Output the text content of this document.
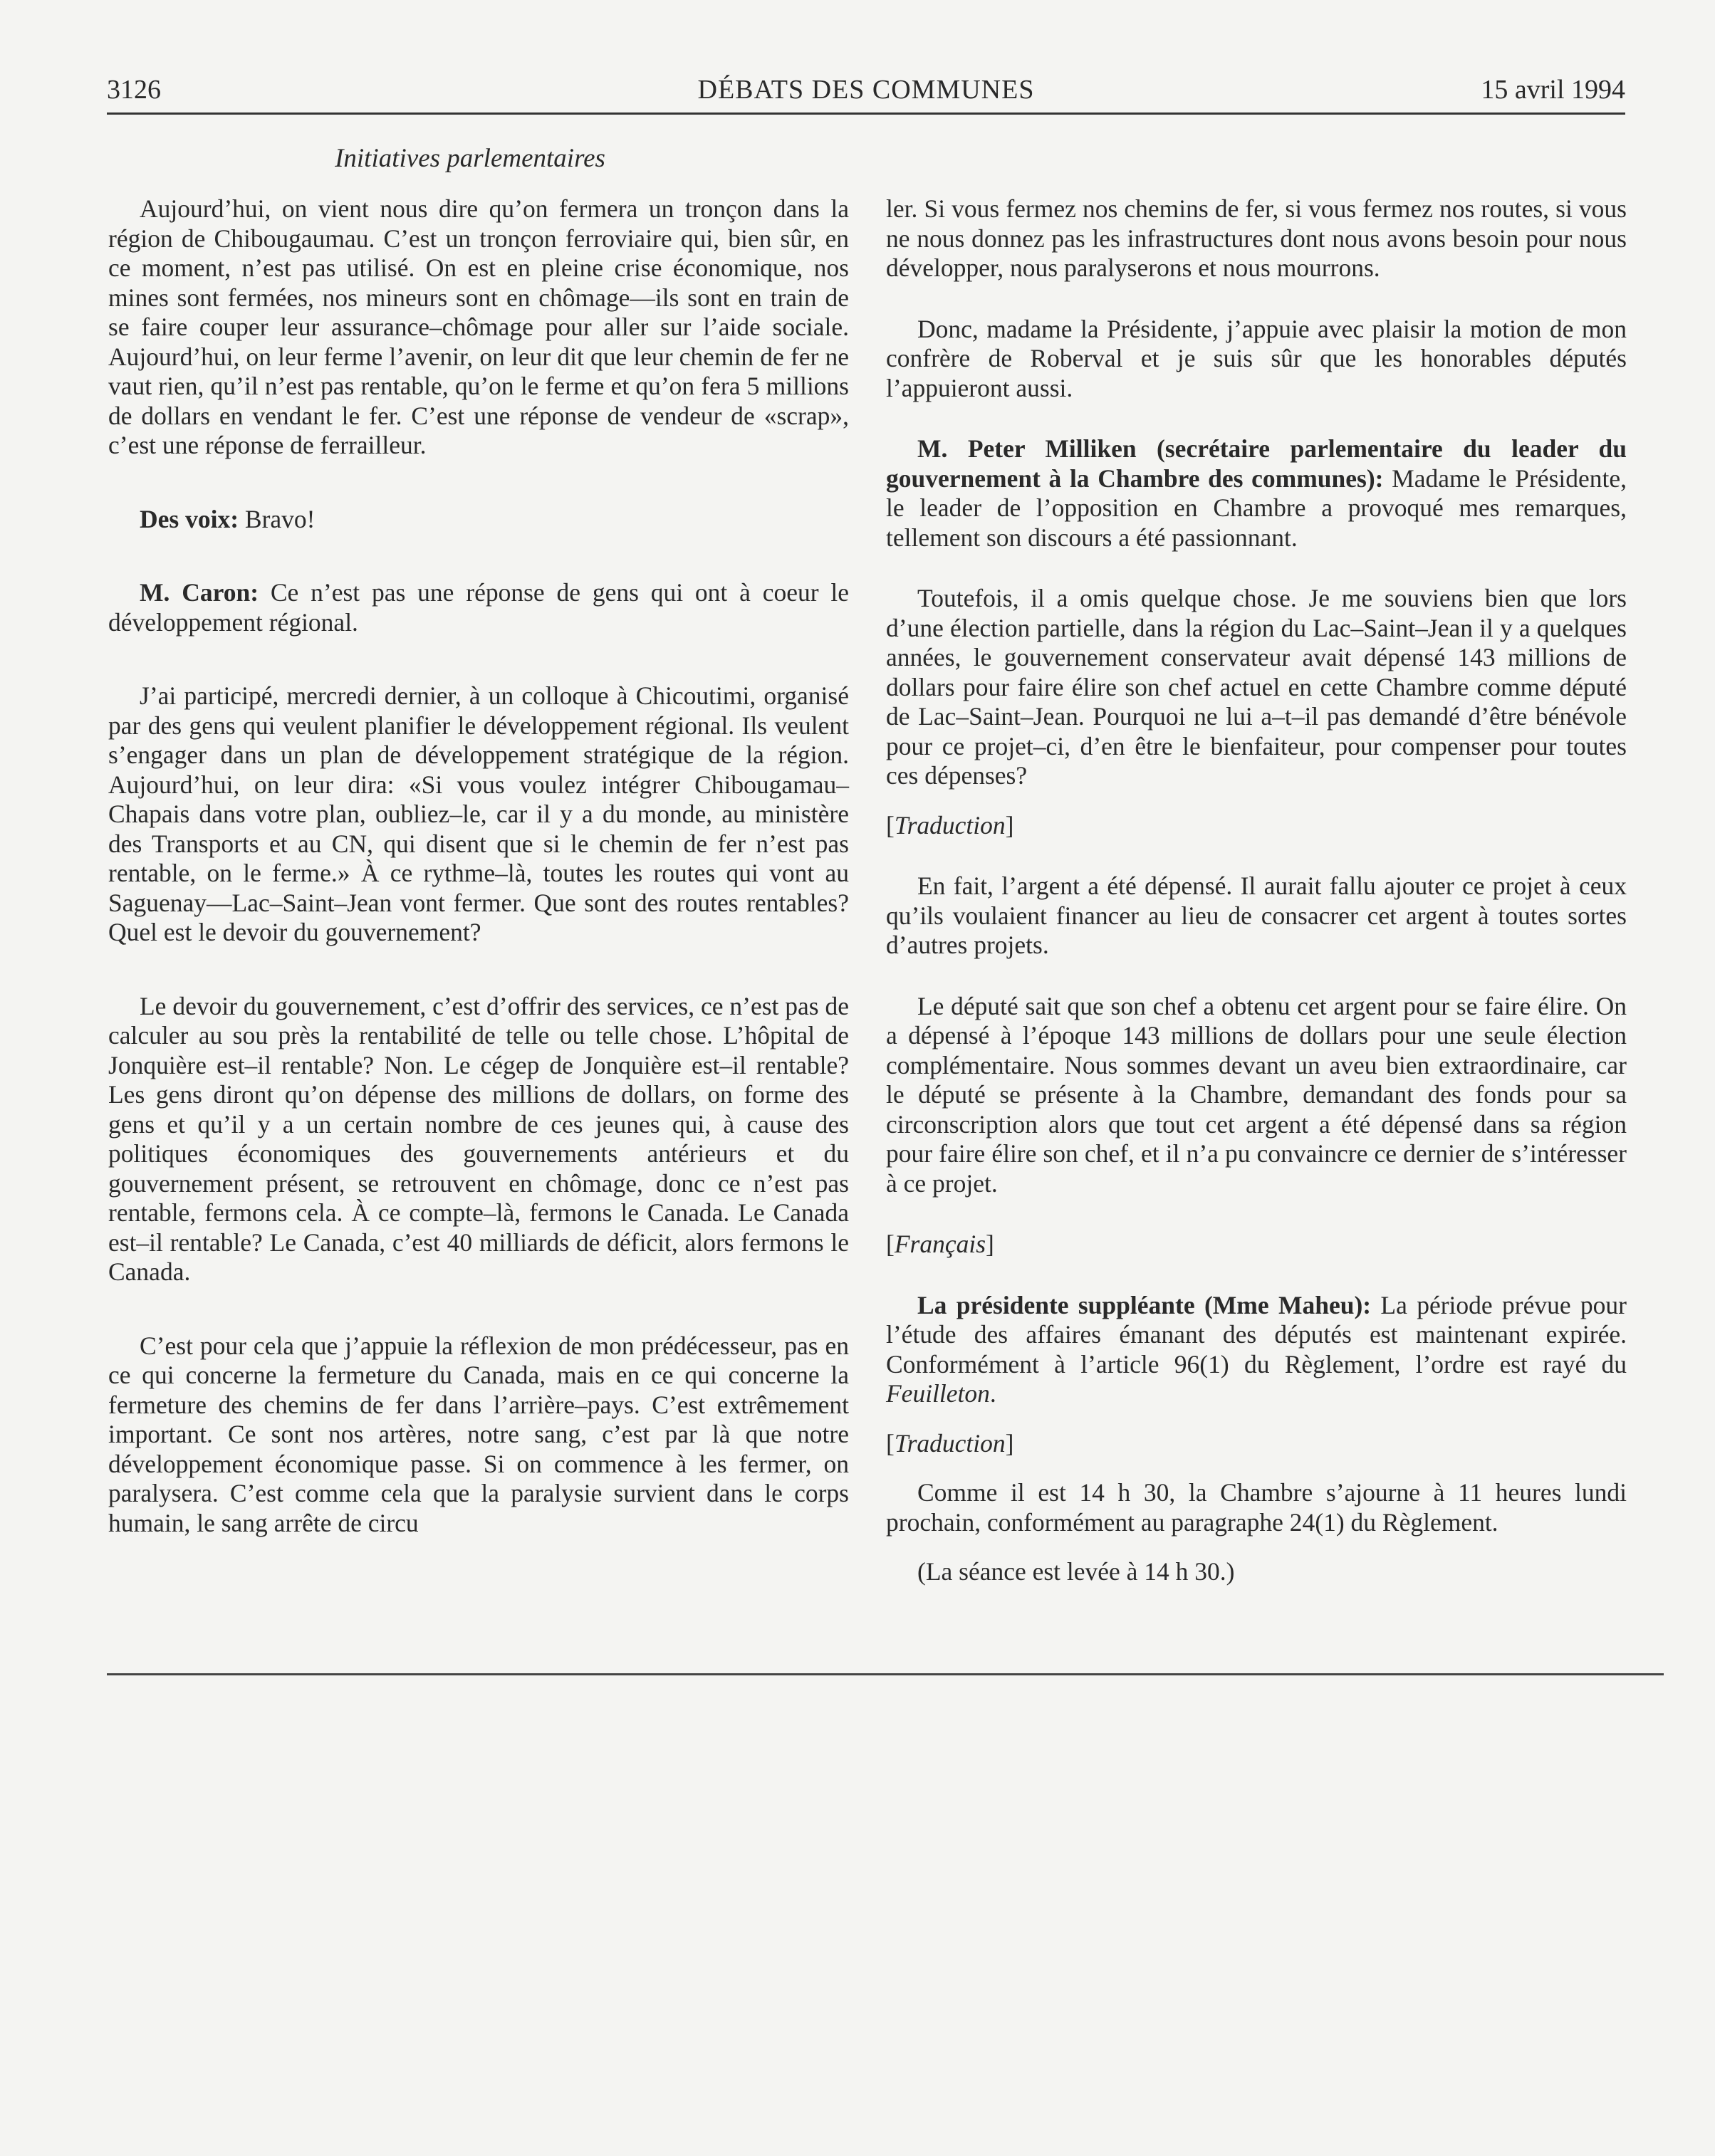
3126	DÉBATS DES COMMUNES	15 avril 1994
Initiatives parlementaires

Aujourd’hui, on vient nous dire qu’on fermera un tronçon dans la région de Chibougaumau. C’est un tronçon ferroviaire qui, bien sûr, en ce moment, n’est pas utilisé. On est en pleine crise économique, nos mines sont fermées, nos mineurs sont en chômage—ils sont en train de se faire couper leur assurance–chômage pour aller sur l’aide sociale. Aujourd’hui, on leur ferme l’avenir, on leur dit que leur chemin de fer ne vaut rien, qu’il n’est pas rentable, qu’on le ferme et qu’on fera 5 millions de dollars en vendant le fer. C’est une réponse de vendeur de «scrap», c’est une réponse de ferrailleur.

Des voix: Bravo!

M. Caron: Ce n’est pas une réponse de gens qui ont à coeur le développement régional.

J’ai participé, mercredi dernier, à un colloque à Chicoutimi, organisé par des gens qui veulent planifier le développement régional. Ils veulent s’engager dans un plan de développement stratégique de la région. Aujourd’hui, on leur dira: «Si vous voulez intégrer Chibougamau–Chapais dans votre plan, oubliez–le, car il y a du monde, au ministère des Transports et au CN, qui disent que si le chemin de fer n’est pas rentable, on le ferme.» À ce rythme–là, toutes les routes qui vont au Saguenay—Lac–Saint–Jean vont fermer. Que sont des routes rentables? Quel est le devoir du gouvernement?

Le devoir du gouvernement, c’est d’offrir des services, ce n’est pas de calculer au sou près la rentabilité de telle ou telle chose. L’hôpital de Jonquière est–il rentable? Non. Le cégep de Jonquière est–il rentable? Les gens diront qu’on dépense des millions de dollars, on forme des gens et qu’il y a un certain nombre de ces jeunes qui, à cause des politiques économiques des gouvernements antérieurs et du gouvernement présent, se retrouvent en chômage, donc ce n’est pas rentable, fermons cela. À ce compte–là, fermons le Canada. Le Canada est–il rentable? Le Canada, c’est 40 milliards de déficit, alors fermons le Canada.

C’est pour cela que j’appuie la réflexion de mon prédécesseur, pas en ce qui concerne la fermeture du Canada, mais en ce qui concerne la fermeture des chemins de fer dans l’arrière–pays. C’est extrêmement important. Ce sont nos artères, notre sang, c’est par là que notre développement économique passe. Si on commence à les fermer, on paralysera. C’est comme cela que la paralysie survient dans le corps humain, le sang arrête de circu

ler. Si vous fermez nos chemins de fer, si vous fermez nos routes, si vous ne nous donnez pas les infrastructures dont nous avons besoin pour nous développer, nous paralyserons et nous mourrons.

Donc, madame la Présidente, j’appuie avec plaisir la motion de mon confrère de Roberval et je suis sûr que les honorables députés l’appuieront aussi.

M. Peter Milliken (secrétaire parlementaire du leader du gouvernement à la Chambre des communes): Madame le Présidente, le leader de l’opposition en Chambre a provoqué mes remarques, tellement son discours a été passionnant.

Toutefois, il a omis quelque chose. Je me souviens bien que lors d’une élection partielle, dans la région du Lac–Saint–Jean il y a quelques années, le gouvernement conservateur avait dépensé 143 millions de dollars pour faire élire son chef actuel en cette Chambre comme député de Lac–Saint–Jean. Pourquoi ne lui a–t–il pas demandé d’être bénévole pour ce projet–ci, d’en être le bienfaiteur, pour compenser pour toutes ces dépenses?

[Traduction]

En fait, l’argent a été dépensé. Il aurait fallu ajouter ce projet à ceux qu’ils voulaient financer au lieu de consacrer cet argent à toutes sortes d’autres projets.

Le député sait que son chef a obtenu cet argent pour se faire élire. On a dépensé à l’époque 143 millions de dollars pour une seule élection complémentaire. Nous sommes devant un aveu bien extraordinaire, car le député se présente à la Chambre, demandant des fonds pour sa circonscription alors que tout cet argent a été dépensé dans sa région pour faire élire son chef, et il n’a pu convaincre ce dernier de s’intéresser à ce projet.

[Français]

La présidente suppléante (Mme Maheu): La période prévue pour l’étude des affaires émanant des députés est maintenant expirée. Conformément à l’article 96(1) du Règlement, l’ordre est rayé du Feuilleton.

[Traduction]

Comme il est 14 h 30, la Chambre s’ajourne à 11 heures lundi prochain, conformément au paragraphe 24(1) du Règlement.

(La séance est levée à 14 h 30.)
